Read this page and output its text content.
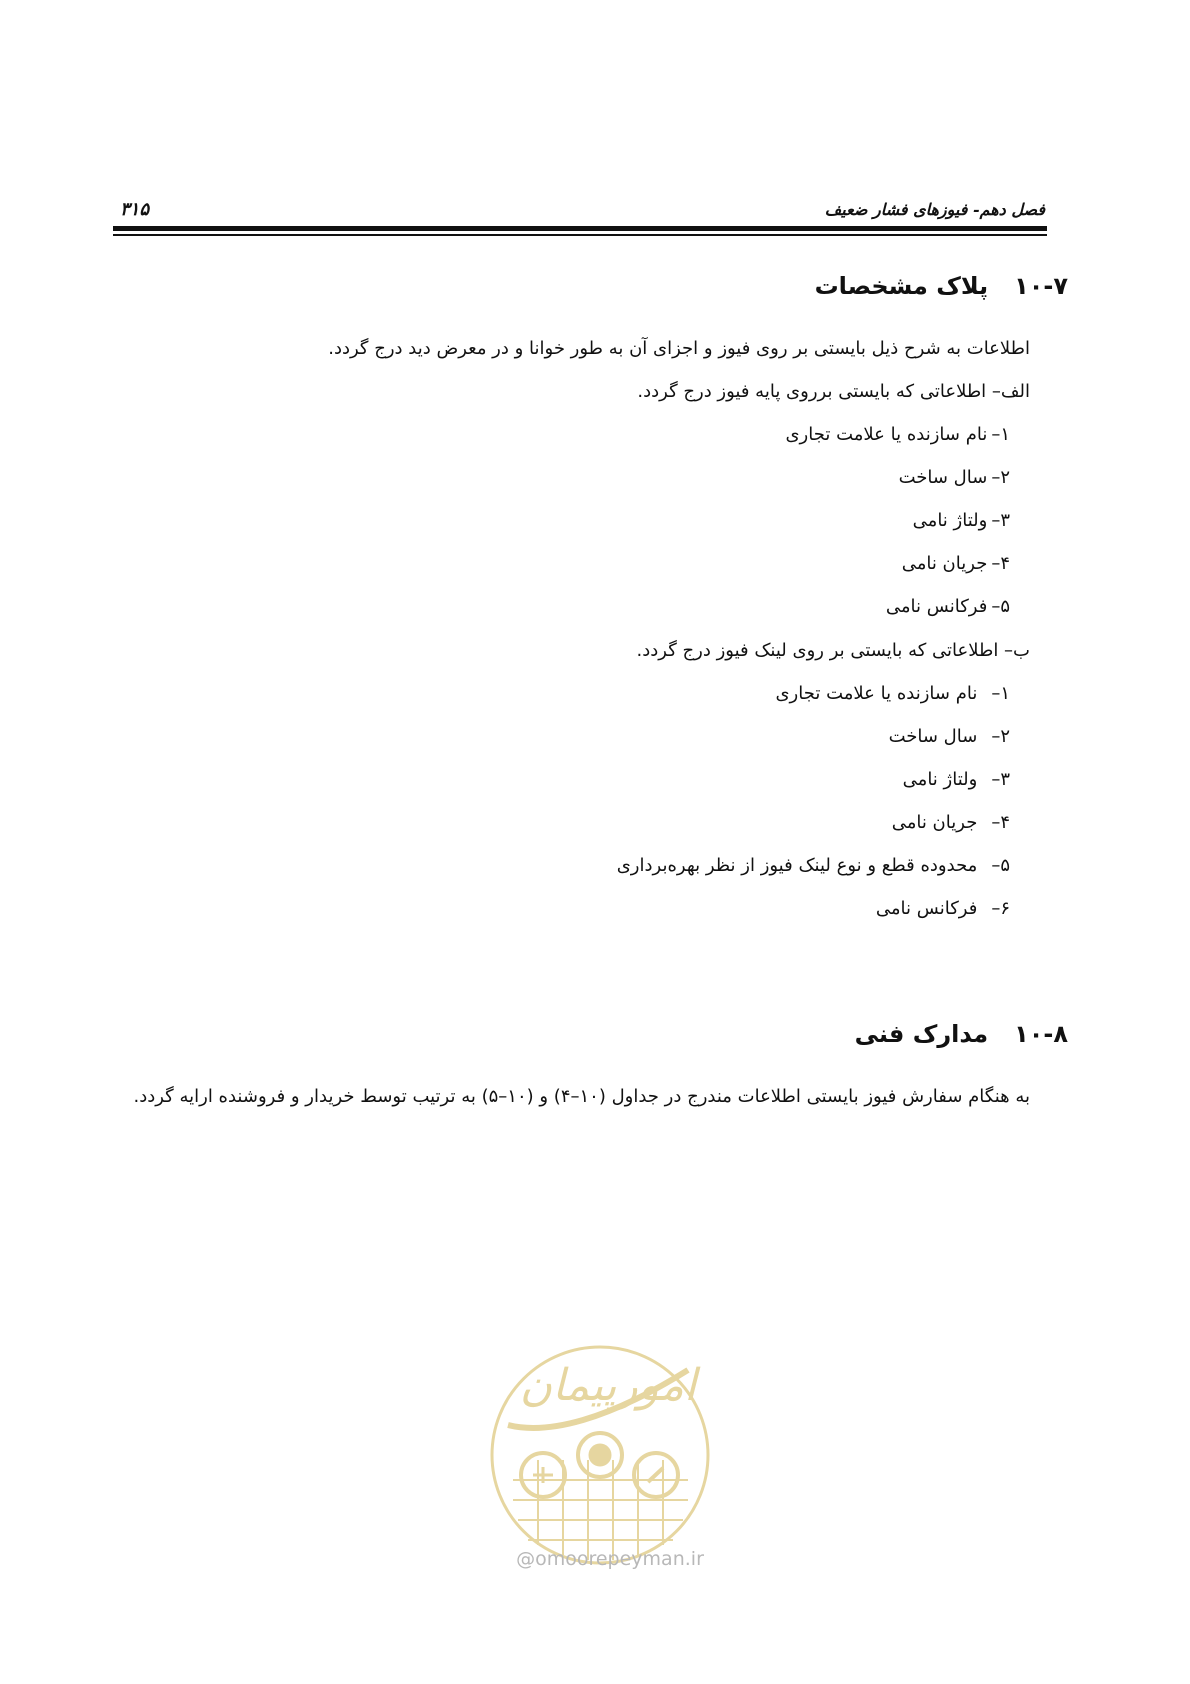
فصل دهم- فیوزهای فشار ضعیف
۳۱۵
۱۰-۷پلاک مشخصات
اطلاعات به شرح ذیل بایستی بر روی فیوز و اجزای آن به طور خوانا و در معرض دید درج گردد.
الف– اطلاعاتی که بایستی برروی پایه فیوز درج گردد.
۱–نام سازنده یا علامت تجاری
۲–سال ساخت
۳–ولتاژ نامی
۴–جریان نامی
۵–فرکانس نامی
ب– اطلاعاتی که بایستی بر روی لینک فیوز درج گردد.
۱–نام سازنده یا علامت تجاری
۲–سال ساخت
۳–ولتاژ نامی
۴–جریان نامی
۵–محدوده قطع و نوع لینک فیوز از نظر بهره‌برداری
۶–فرکانس نامی
۱۰-۸مدارک فنی
به هنگام سفارش فیوز بایستی اطلاعات مندرج در جداول (۱۰–۴) و (۱۰–۵) به ترتیب توسط خریدار و فروشنده ارایه گردد.
امورپیمان
@omoorepeyman.ir
